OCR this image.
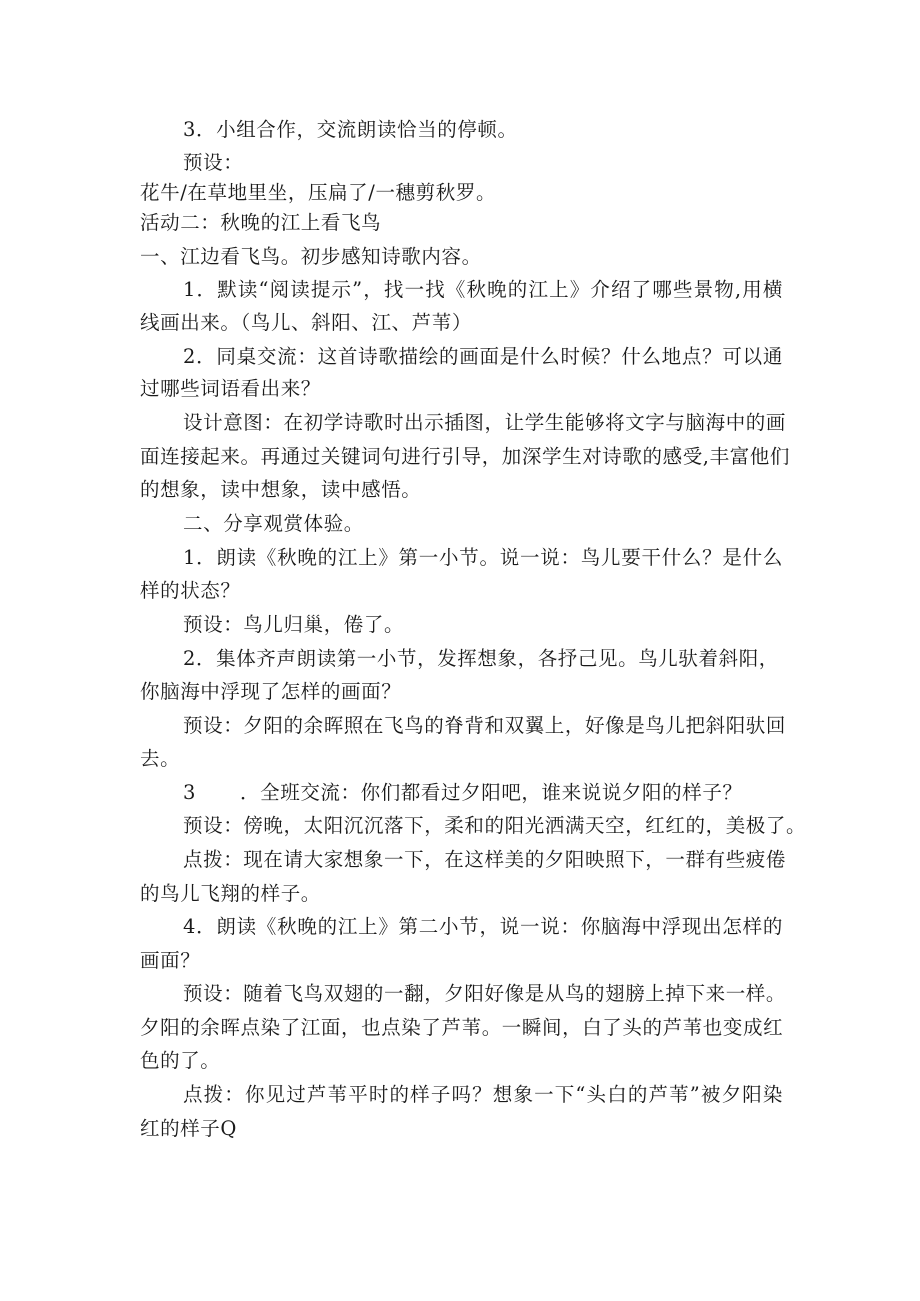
3．小组合作，交流朗读恰当的停顿。
预设：
花牛/在草地里坐，压扁了/一穗剪秋罗。
活动二：秋晚的江上看飞鸟
一、江边看飞鸟。初步感知诗歌内容。
1．默读“阅读提示”，找一找《秋晚的江上》介绍了哪些景物,用横
线画出来。（鸟儿、斜阳、江、芦苇）
2．同桌交流：这首诗歌描绘的画面是什么时候？什么地点？可以通
过哪些词语看出来？
设计意图：在初学诗歌时出示插图，让学生能够将文字与脑海中的画
面连接起来。再通过关键词句进行引导，加深学生对诗歌的感受,丰富他们
的想象，读中想象，读中感悟。
二、分享观赏体验。
1．朗读《秋晚的江上》第一小节。说一说：鸟儿要干什么？是什么
样的状态？
预设：鸟儿归巢，倦了。
2．集体齐声朗读第一小节，发挥想象，各抒己见。鸟儿驮着斜阳，
你脑海中浮现了怎样的画面？
预设：夕阳的余晖照在飞鸟的脊背和双翼上，好像是鸟儿把斜阳驮回
去。
3 ．全班交流：你们都看过夕阳吧，谁来说说夕阳的样子？
预设：傍晚，太阳沉沉落下，柔和的阳光洒满天空，红红的，美极了。
点拨：现在请大家想象一下，在这样美的夕阳映照下，一群有些疲倦
的鸟儿飞翔的样子。
4．朗读《秋晚的江上》第二小节，说一说：你脑海中浮现出怎样的
画面？
预设：随着飞鸟双翅的一翻，夕阳好像是从鸟的翅膀上掉下来一样。
夕阳的余晖点染了江面，也点染了芦苇。一瞬间，白了头的芦苇也变成红
色的了。
点拨：你见过芦苇平时的样子吗？想象一下“头白的芦苇”被夕阳染
红的样子Q
